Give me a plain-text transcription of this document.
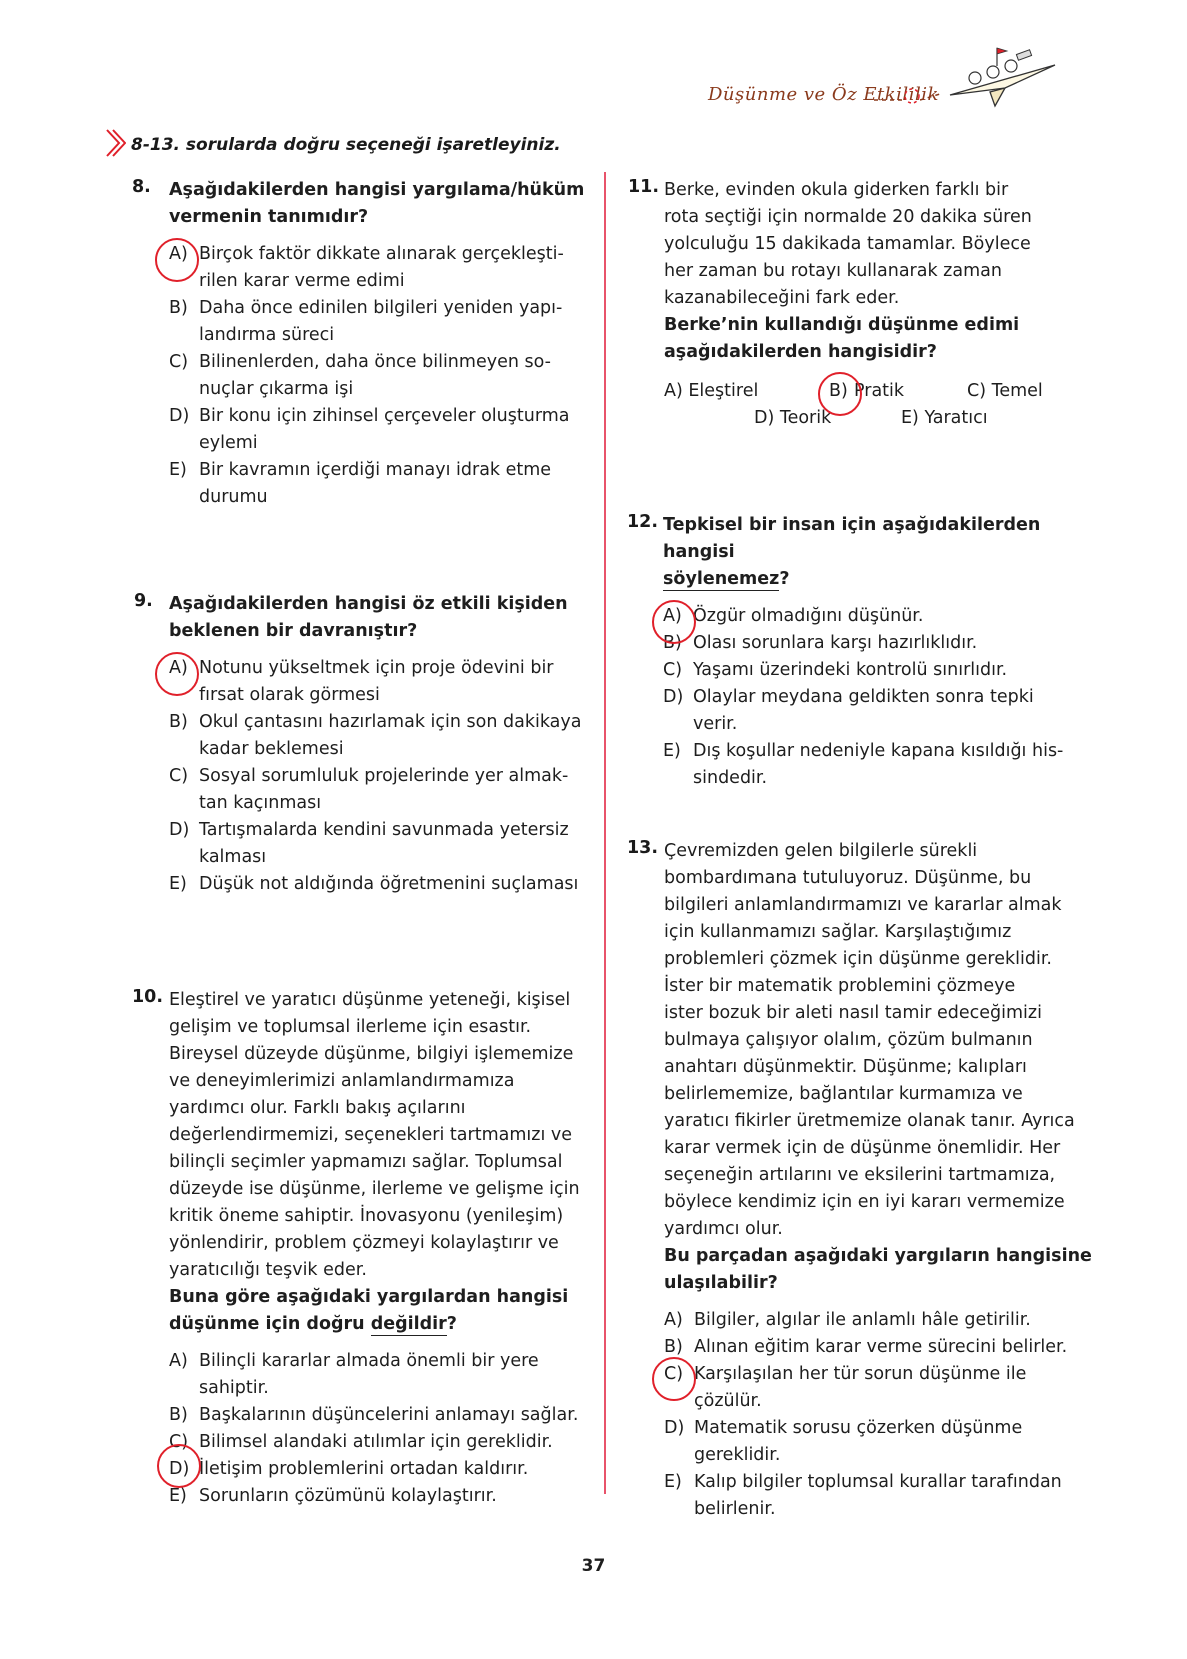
Düşünme ve Öz Etkililik
8-13. sorularda doğru seçeneği işaretleyiniz.
8. Aşağıdakilerden hangisi yargılama/hüküm
vermenin tanımıdır?
A) Birçok faktör dikkate alınarak gerçekleşti-
rilen karar verme edimi
B) Daha önce edinilen bilgileri yeniden yapı-
landırma süreci
C) Bilinenlerden, daha önce bilinmeyen so-
nuçlar çıkarma işi
D) Bir konu için zihinsel çerçeveler oluşturma
eylemi
E) Bir kavramın içerdiği manayı idrak etme
durumu
9. Aşağıdakilerden hangisi öz etkili kişiden
beklenen bir davranıştır?
A) Notunu yükseltmek için proje ödevini bir
fırsat olarak görmesi
B) Okul çantasını hazırlamak için son dakikaya
kadar beklemesi
C) Sosyal sorumluluk projelerinde yer almak-
tan kaçınması
D) Tartışmalarda kendini savunmada yetersiz
kalması
E) Düşük not aldığında öğretmenini suçlaması
10. Eleştirel ve yaratıcı düşünme yeteneği, kişisel
gelişim ve toplumsal ilerleme için esastır.
Bireysel düzeyde düşünme, bilgiyi işlememize
ve deneyimlerimizi anlamlandırmamıza
yardımcı olur. Farklı bakış açılarını
değerlendirmemizi, seçenekleri tartmamızı ve
bilinçli seçimler yapmamızı sağlar. Toplumsal
düzeyde ise düşünme, ilerleme ve gelişme için
kritik öneme sahiptir. İnovasyonu (yenileşim)
yönlendirir, problem çözmeyi kolaylaştırır ve
yaratıcılığı teşvik eder.
Buna göre aşağıdaki yargılardan hangisi
düşünme için doğru değildir?
A) Bilinçli kararlar almada önemli bir yere
sahiptir.
B) Başkalarının düşüncelerini anlamayı sağlar.
C) Bilimsel alandaki atılımlar için gereklidir.
D) İletişim problemlerini ortadan kaldırır.
E) Sorunların çözümünü kolaylaştırır.
11. Berke, evinden okula giderken farklı bir
rota seçtiği için normalde 20 dakika süren
yolculuğu 15 dakikada tamamlar. Böylece
her zaman bu rotayı kullanarak zaman
kazanabileceğini fark eder.
Berke’nin kullandığı düşünme edimi
aşağıdakilerden hangisidir?
A) Eleştirel	B) Pratik	C) Temel
D) Teorik	E) Yaratıcı
12. Tepkisel bir insan için aşağıdakilerden hangisi
söylenemez?
A) Özgür olmadığını düşünür.
B) Olası sorunlara karşı hazırlıklıdır.
C) Yaşamı üzerindeki kontrolü sınırlıdır.
D) Olaylar meydana geldikten sonra tepki
verir.
E) Dış koşullar nedeniyle kapana kısıldığı his-
sindedir.
13. Çevremizden gelen bilgilerle sürekli
bombardımana tutuluyoruz. Düşünme, bu
bilgileri anlamlandırmamızı ve kararlar almak
için kullanmamızı sağlar. Karşılaştığımız
problemleri çözmek için düşünme gereklidir.
İster bir matematik problemini çözmeye
ister bozuk bir aleti nasıl tamir edeceğimizi
bulmaya çalışıyor olalım, çözüm bulmanın
anahtarı düşünmektir. Düşünme; kalıpları
belirlememize, bağlantılar kurmamıza ve
yaratıcı fikirler üretmemize olanak tanır. Ayrıca
karar vermek için de düşünme önemlidir. Her
seçeneğin artılarını ve eksilerini tartmamıza,
böylece kendimiz için en iyi kararı vermemize
yardımcı olur.
Bu parçadan aşağıdaki yargıların hangisine
ulaşılabilir?
A) Bilgiler, algılar ile anlamlı hâle getirilir.
B) Alınan eğitim karar verme sürecini belirler.
C) Karşılaşılan her tür sorun düşünme ile
çözülür.
D) Matematik sorusu çözerken düşünme
gereklidir.
E) Kalıp bilgiler toplumsal kurallar tarafından
belirlenir.
37
